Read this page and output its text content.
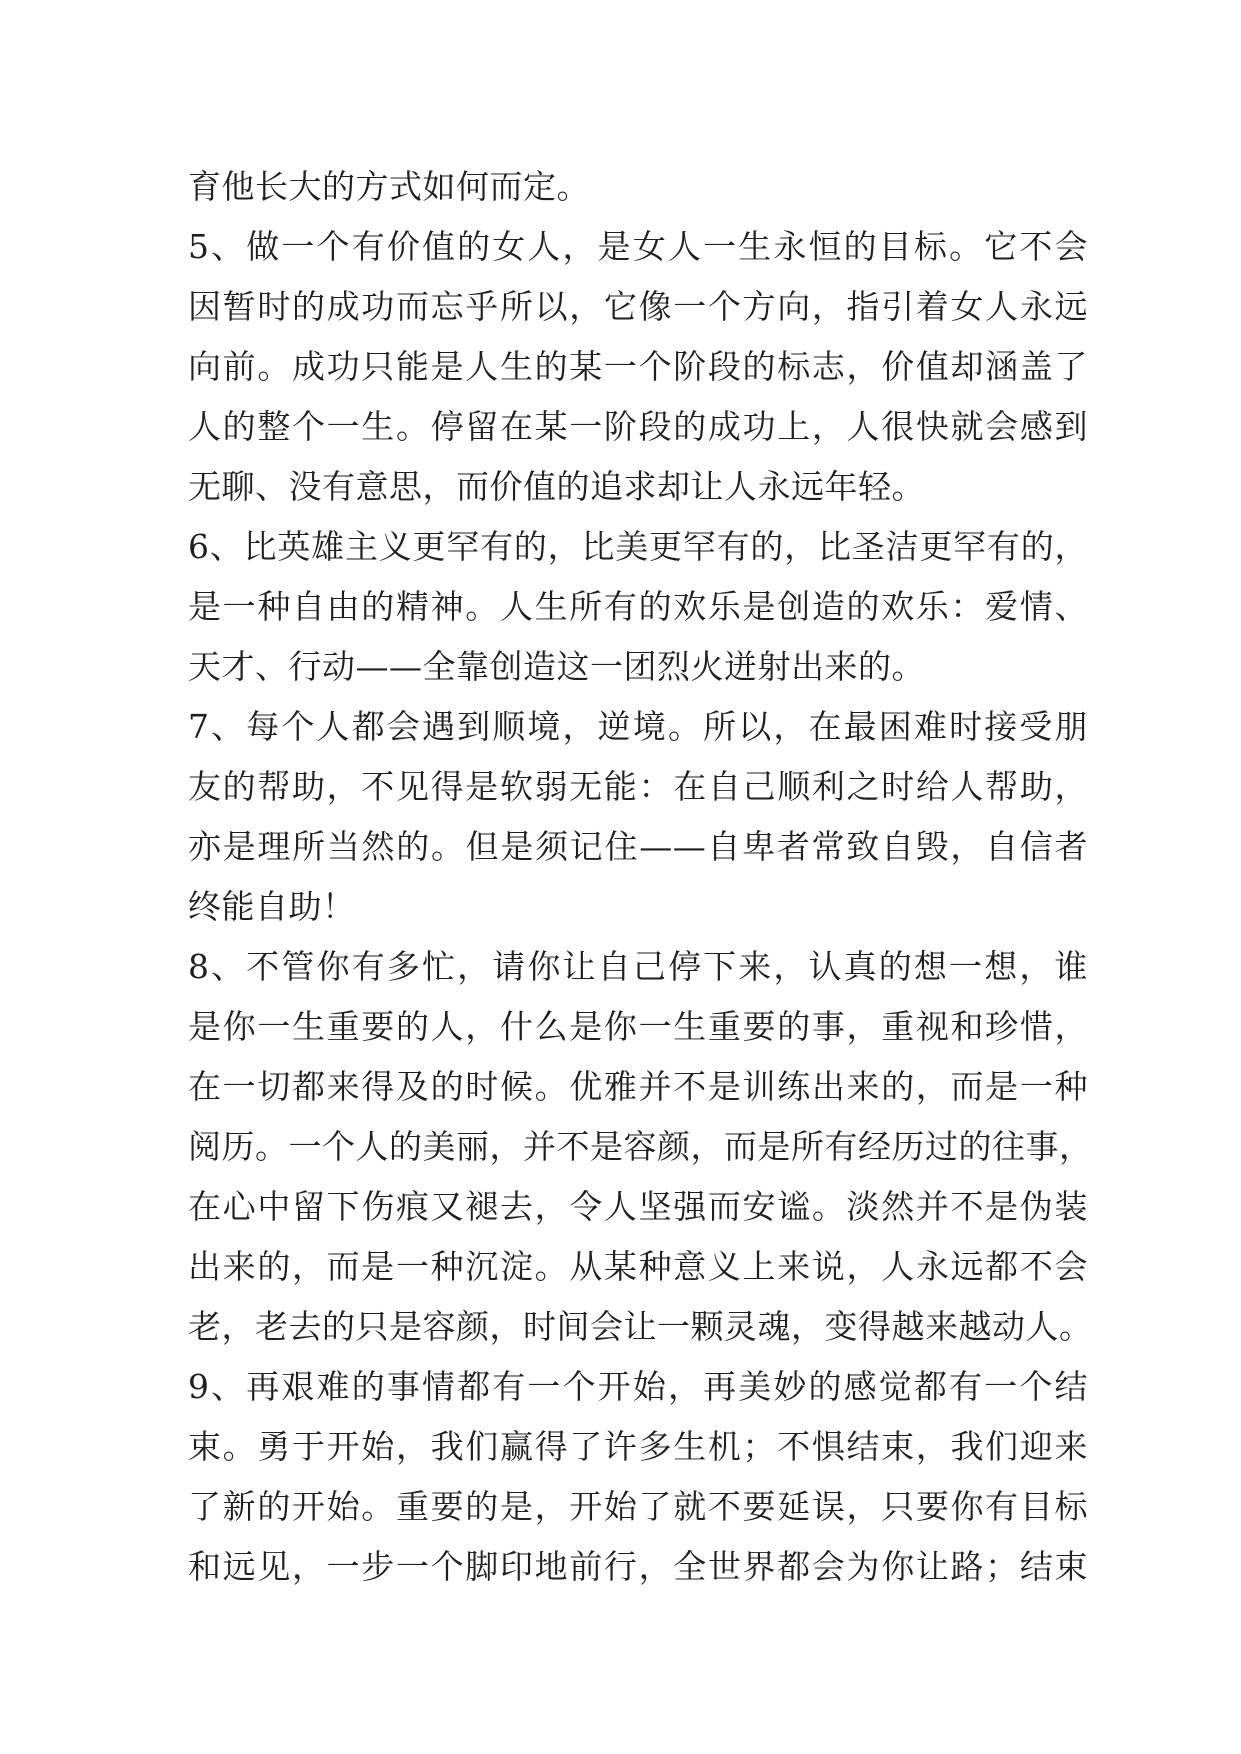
育他长大的方式如何而定。
5、做一个有价值的女人，是女人一生永恒的目标。它不会
因暂时的成功而忘乎所以，它像一个方向，指引着女人永远
向前。成功只能是人生的某一个阶段的标志，价值却涵盖了
人的整个一生。停留在某一阶段的成功上，人很快就会感到
无聊、没有意思，而价值的追求却让人永远年轻。
6、比英雄主义更罕有的，比美更罕有的，比圣洁更罕有的，
是一种自由的精神。人生所有的欢乐是创造的欢乐：爱情、
天才、行动——全靠创造这一团烈火迸射出来的。
7、每个人都会遇到顺境，逆境。所以，在最困难时接受朋
友的帮助，不见得是软弱无能：在自己顺利之时给人帮助，
亦是理所当然的。但是须记住——自卑者常致自毁，自信者
终能自助！
8、不管你有多忙，请你让自己停下来，认真的想一想，谁
是你一生重要的人，什么是你一生重要的事，重视和珍惜，
在一切都来得及的时候。优雅并不是训练出来的，而是一种
阅历。一个人的美丽，并不是容颜，而是所有经历过的往事，
在心中留下伤痕又褪去，令人坚强而安谧。淡然并不是伪装
出来的，而是一种沉淀。从某种意义上来说，人永远都不会
老，老去的只是容颜，时间会让一颗灵魂，变得越来越动人。
9、再艰难的事情都有一个开始，再美妙的感觉都有一个结
束。勇于开始，我们赢得了许多生机；不惧结束，我们迎来
了新的开始。重要的是，开始了就不要延误，只要你有目标
和远见，一步一个脚印地前行，全世界都会为你让路；结束
